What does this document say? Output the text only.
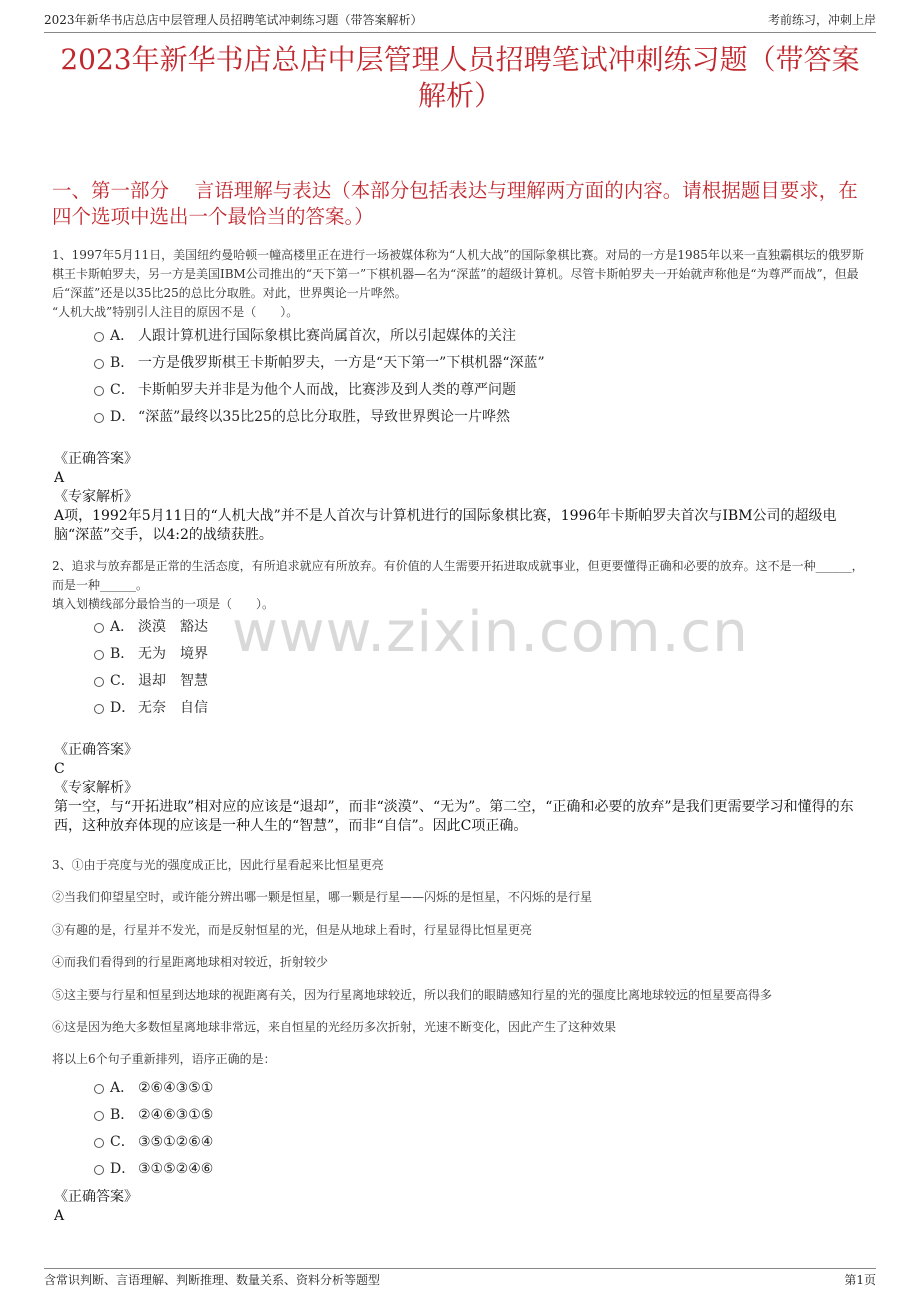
2023年新华书店总店中层管理人员招聘笔试冲刺练习题（带答案解析）	考前练习，冲刺上岸
2023年新华书店总店中层管理人员招聘笔试冲刺练习题（带答案解析）
一、第一部分　 言语理解与表达（本部分包括表达与理解两方面的内容。请根据题目要求，在四个选项中选出一个最恰当的答案。）
www.zixin.com.cn
1、1997年5月11日，美国纽约曼哈顿一幢高楼里正在进行一场被媒体称为“人机大战”的国际象棋比赛。对局的一方是1985年以来一直独霸棋坛的俄罗斯棋王卡斯帕罗夫，另一方是美国IBM公司推出的“天下第一”下棋机器—名为“深蓝”的超级计算机。尽管卡斯帕罗夫一开始就声称他是“为尊严而战”，但最后“深蓝”还是以35比25的总比分取胜。对此，世界舆论一片哗然。
“人机大战”特别引人注目的原因不是（　　）。
A． 人跟计算机进行国际象棋比赛尚属首次，所以引起媒体的关注
B． 一方是俄罗斯棋王卡斯帕罗夫，一方是“天下第一”下棋机器“深蓝”
C． 卡斯帕罗夫并非是为他个人而战，比赛涉及到人类的尊严问题
D． “深蓝”最终以35比25的总比分取胜，导致世界舆论一片哗然
《正确答案》
A
《专家解析》
A项，1992年5月11日的“人机大战”并不是人首次与计算机进行的国际象棋比赛，1996年卡斯帕罗夫首次与IBM公司的超级电脑“深蓝”交手，以4:2的战绩获胜。
2、追求与放弃都是正常的生活态度，有所追求就应有所放弃。有价值的人生需要开拓进取成就事业，但更要懂得正确和必要的放弃。这不是一种______，而是一种______。
填入划横线部分最恰当的一项是（　　）。
A． 淡漠　豁达
B． 无为　境界
C． 退却　智慧
D． 无奈　自信
《正确答案》
C
《专家解析》
第一空，与“开拓进取”相对应的应该是“退却”，而非“淡漠”、“无为”。第二空，“正确和必要的放弃”是我们更需要学习和懂得的东西，这种放弃体现的应该是一种人生的“智慧”，而非“自信”。因此C项正确。
3、①由于亮度与光的强度成正比，因此行星看起来比恒星更亮
②当我们仰望星空时，或许能分辨出哪一颗是恒星，哪一颗是行星——闪烁的是恒星，不闪烁的是行星
③有趣的是，行星并不发光，而是反射恒星的光，但是从地球上看时，行星显得比恒星更亮
④而我们看得到的行星距离地球相对较近，折射较少
⑤这主要与行星和恒星到达地球的视距离有关，因为行星离地球较近，所以我们的眼睛感知行星的光的强度比离地球较远的恒星要高得多
⑥这是因为绝大多数恒星离地球非常远，来自恒星的光经历多次折射，光速不断变化，因此产生了这种效果
将以上6个句子重新排列，语序正确的是：
A． ②⑥④③⑤①
B． ②④⑥③①⑤
C． ③⑤①②⑥④
D． ③①⑤②④⑥
《正确答案》
A
含常识判断、言语理解、判断推理、数量关系、资料分析等题型	第1页
